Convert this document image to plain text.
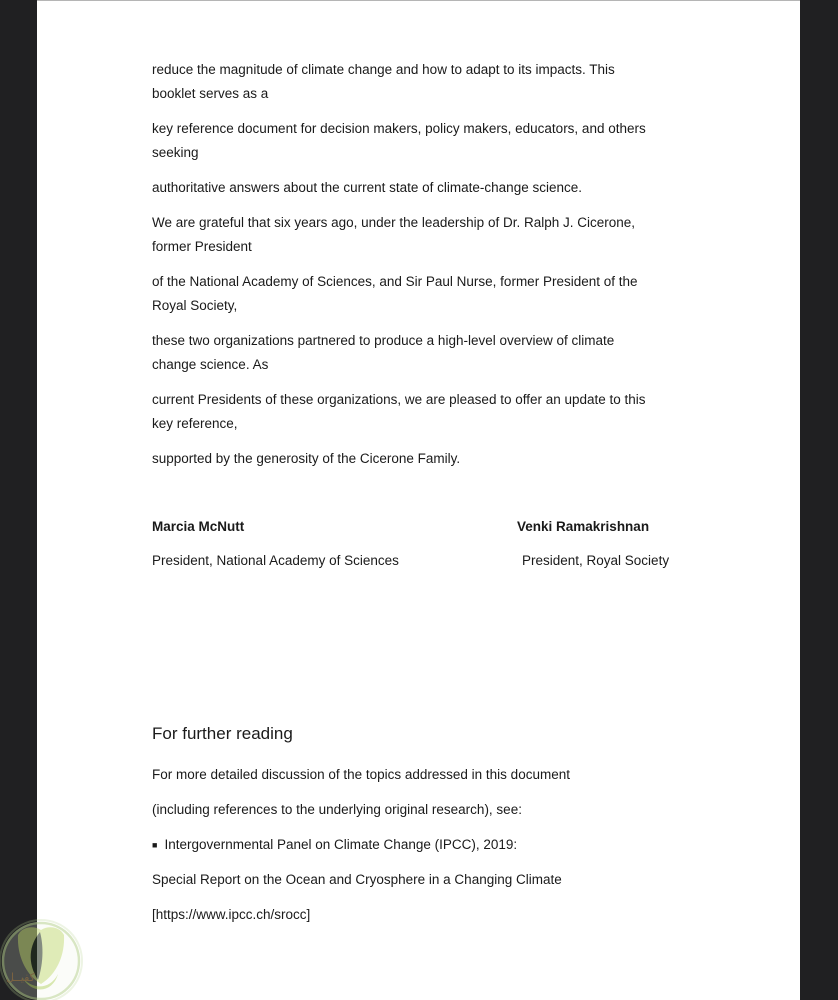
reduce the magnitude of climate change and how to adapt to its impacts. This
booklet serves as a
key reference document for decision makers, policy makers, educators, and others
seeking
authoritative answers about the current state of climate-change science.
We are grateful that six years ago, under the leadership of Dr. Ralph J. Cicerone,
former President
of the National Academy of Sciences, and Sir Paul Nurse, former President of the
Royal Society,
these two organizations partnered to produce a high-level overview of climate
change science. As
current Presidents of these organizations, we are pleased to offer an update to this
key reference,
supported by the generosity of the Cicerone Family.
Marcia McNutt	Venki Ramakrishnan
President, National Academy of Sciences	President, Royal Society
For further reading
For more detailed discussion of the topics addressed in this document
(including references to the underlying original research), see:
■ Intergovernmental Panel on Climate Change (IPCC), 2019:
Special Report on the Ocean and Cryosphere in a Changing Climate
[https://www.ipcc.ch/srocc]
كفيــل
